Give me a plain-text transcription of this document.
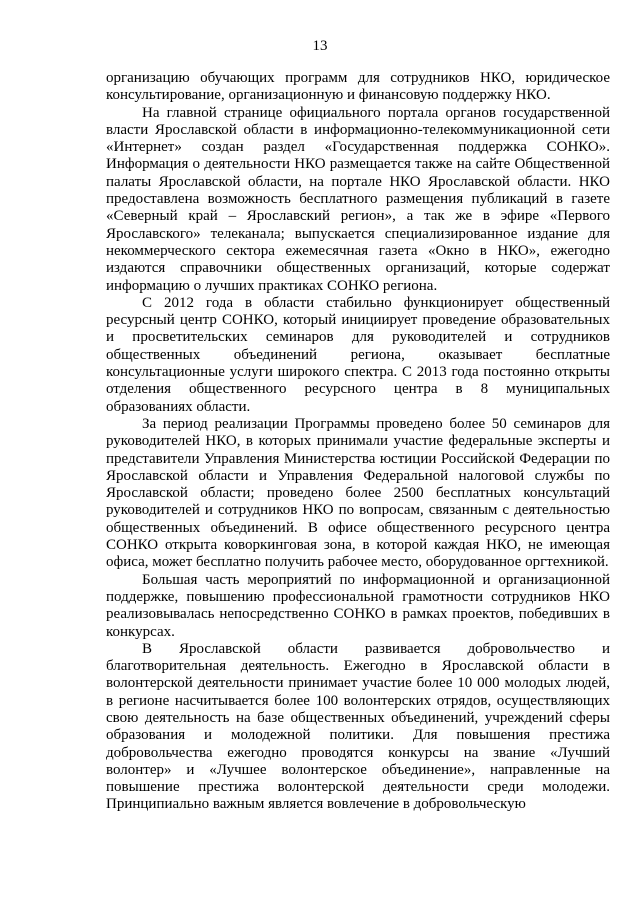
13

организацию обучающих программ для сотрудников НКО, юридическое консультирование, организационную и финансовую поддержку НКО.

На главной странице официального портала органов государственной власти Ярославской области в информационно-телекоммуникационной сети «Интернет» создан раздел «Государственная поддержка СОНКО». Информация о деятельности НКО размещается также на сайте Общественной палаты Ярославской области, на портале НКО Ярославской области. НКО предоставлена возможность бесплатного размещения публикаций в газете «Северный край – Ярославский регион», а так же в эфире «Первого Ярославского» телеканала; выпускается специализированное издание для некоммерческого сектора ежемесячная газета «Окно в НКО», ежегодно издаются справочники общественных организаций, которые содержат информацию о лучших практиках СОНКО региона.

С 2012 года в области стабильно функционирует общественный ресурсный центр СОНКО, который инициирует проведение образовательных и просветительских семинаров для руководителей и сотрудников общественных объединений региона, оказывает бесплатные консультационные услуги широкого спектра. С 2013 года постоянно открыты отделения общественного ресурсного центра в 8 муниципальных образованиях области.

За период реализации Программы проведено более 50 семинаров для руководителей НКО, в которых принимали участие федеральные эксперты и представители Управления Министерства юстиции Российской Федерации по Ярославской области и Управления Федеральной налоговой службы по Ярославской области; проведено более 2500 бесплатных консультаций руководителей и сотрудников НКО по вопросам, связанным с деятельностью общественных объединений. В офисе общественного ресурсного центра СОНКО открыта коворкинговая зона, в которой каждая НКО, не имеющая офиса, может бесплатно получить рабочее место, оборудованное оргтехникой.

Большая часть мероприятий по информационной и организационной поддержке, повышению профессиональной грамотности сотрудников НКО реализовывалась непосредственно СОНКО в рамках проектов, победивших в конкурсах.

В Ярославской области развивается добровольчество и благотворительная деятельность. Ежегодно в Ярославской области в волонтерской деятельности принимает участие более 10 000 молодых людей, в регионе насчитывается более 100 волонтерских отрядов, осуществляющих свою деятельность на базе общественных объединений, учреждений сферы образования и молодежной политики. Для повышения престижа добровольчества ежегодно проводятся конкурсы на звание «Лучший волонтер» и «Лучшее волонтерское объединение», направленные на повышение престижа волонтерской деятельности среди молодежи. Принципиально важным является вовлечение в добровольческую
